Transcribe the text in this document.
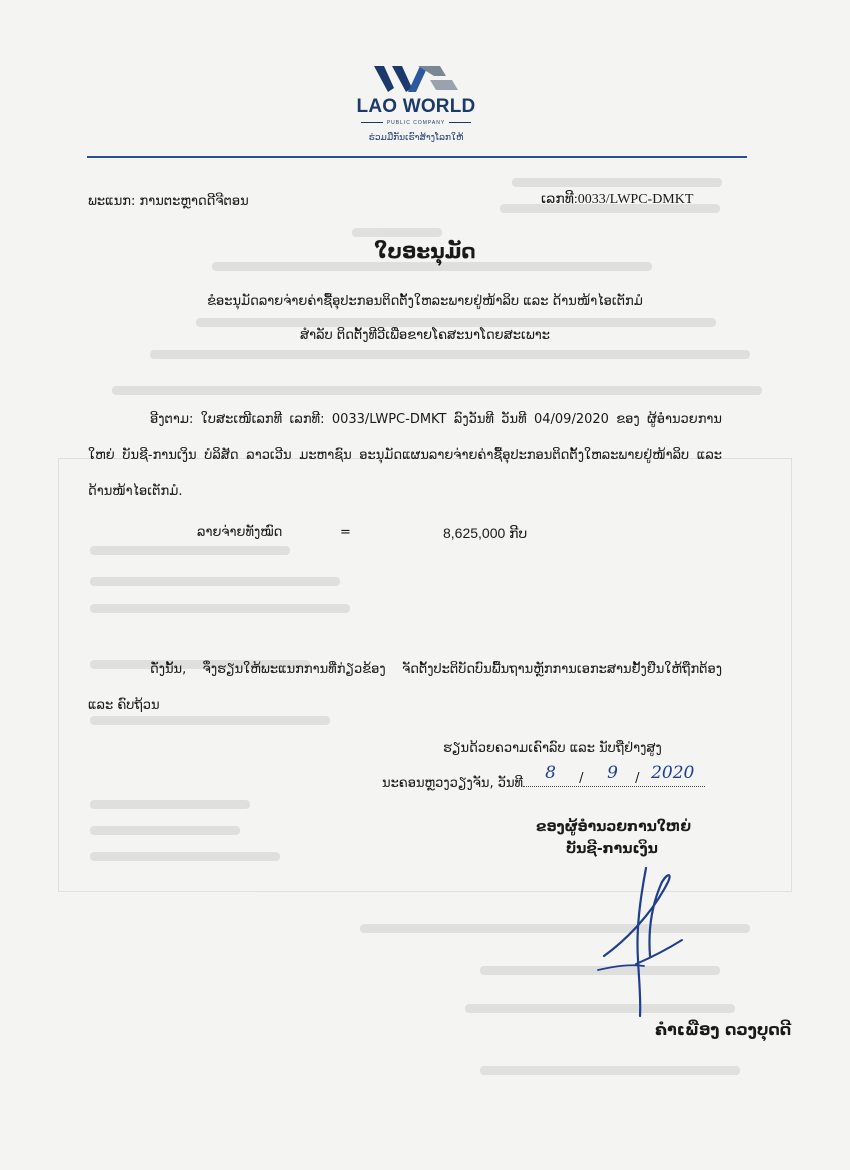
LAO WORLD
PUBLIC COMPANY
ຮ່ວມມືກັນເຮົາສ້າງໂລກໃຫ້
ພະແນກ: ການຕະຫຼາດດີຈີຕອນ	ເລກທີ:0033/LWPC-DMKT
ໃບອະນຸມັດ
ຂໍອະນຸມັດລາຍຈ່າຍຄ່າຊື້ອຸປະກອນຕິດຕັ້ງໃຫລະພາຍຢູ່ໜ້າລິບ ແລະ ດ້ານໜ້າໄອເຕັກມໍ
ສຳລັບ ຕິດຕັ້ງທີວີເພື່ອຂາຍໂຄສະນາໂດຍສະເພາະ
ອີງຕາມ: ໃບສະເໜີເລກທີ ເລກທີ: 0033/LWPC-DMKT ລົງວັນທີ ວັນທີ 04/09/2020 ຂອງ ຜູ້ອຳນວຍການໃຫຍ່ ບັນຊີ-ການເງິນ ບໍລິສັດ ລາວເວີນ ມະຫາຊົນ ອະນຸມັດແຜນລາຍຈ່າຍຄ່າຊື້ອຸປະກອນຕິດຕັ້ງໃຫລະພາຍຢູ່ໜ້າລິບ ແລະ ດ້ານໜ້າໄອເຕັກມໍ.
ລາຍຈ່າຍທັງໝົດ	=	8,625,000 ກີບ
ດັ່ງນັ້ນ, ຈຶ່ງຮຽນໃຫ້ພະແນກການທີ່ກ່ຽວຂ້ອງ ຈັດຕັ້ງປະຕິບັດບົນພື້ນຖານຫຼັກການເອກະສານຢັ້ງຢືນໃຫ້ຖືກຕ້ອງ ແລະ ຄົບຖ້ວນ
ຮຽນດ້ວຍຄວາມເຄົາລົບ ແລະ ນັບຖືຢ່າງສູງ
ນະຄອນຫຼວງວຽງຈັນ, ວັນທີ
8 / 9 / 2020
ຂອງຜູ້ອຳນວຍການໃຫຍ່
ບັນຊີ-ການເງິນ
ຄຳເພືອງ ດວງບຸດດີ
